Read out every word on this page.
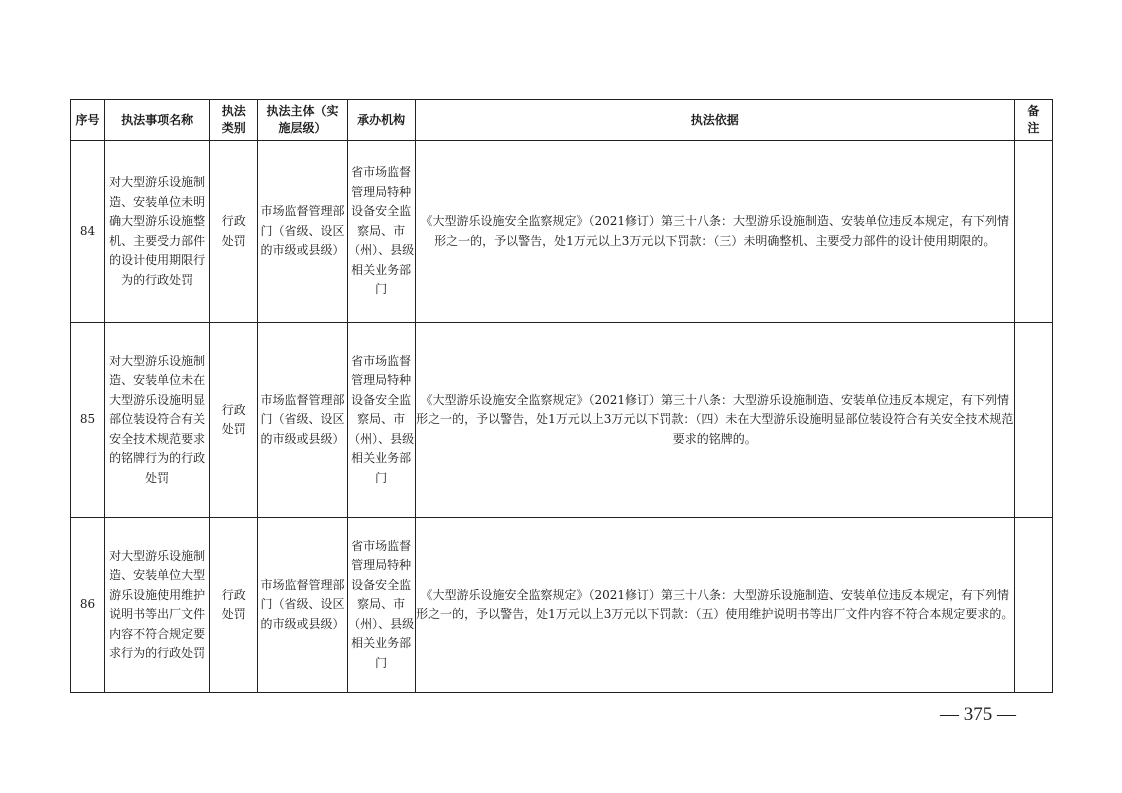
序号	执法事项名称	执法类别	执法主体（实施层级）	承办机构	执法依据	备注
84	对大型游乐设施制造、安装单位未明确大型游乐设施整机、主要受力部件的设计使用期限行为的行政处罚	行政处罚	市场监督管理部门（省级、设区的市级或县级）	省市场监督管理局特种设备安全监察局、市（州）、县级相关业务部门	《大型游乐设施安全监察规定》（2021修订）第三十八条：大型游乐设施制造、安装单位违反本规定，有下列情形之一的，予以警告，处1万元以上3万元以下罚款：（三）未明确整机、主要受力部件的设计使用期限的。	
85	对大型游乐设施制造、安装单位未在大型游乐设施明显部位装设符合有关安全技术规范要求的铭牌行为的行政处罚	行政处罚	市场监督管理部门（省级、设区的市级或县级）	省市场监督管理局特种设备安全监察局、市（州）、县级相关业务部门	《大型游乐设施安全监察规定》（2021修订）第三十八条：大型游乐设施制造、安装单位违反本规定，有下列情形之一的，予以警告，处1万元以上3万元以下罚款：（四）未在大型游乐设施明显部位装设符合有关安全技术规范要求的铭牌的。	
86	对大型游乐设施制造、安装单位大型游乐设施使用维护说明书等出厂文件内容不符合规定要求行为的行政处罚	行政处罚	市场监督管理部门（省级、设区的市级或县级）	省市场监督管理局特种设备安全监察局、市（州）、县级相关业务部门	《大型游乐设施安全监察规定》（2021修订）第三十八条：大型游乐设施制造、安装单位违反本规定，有下列情形之一的，予以警告，处1万元以上3万元以下罚款：（五）使用维护说明书等出厂文件内容不符合本规定要求的。	
— 375 —
